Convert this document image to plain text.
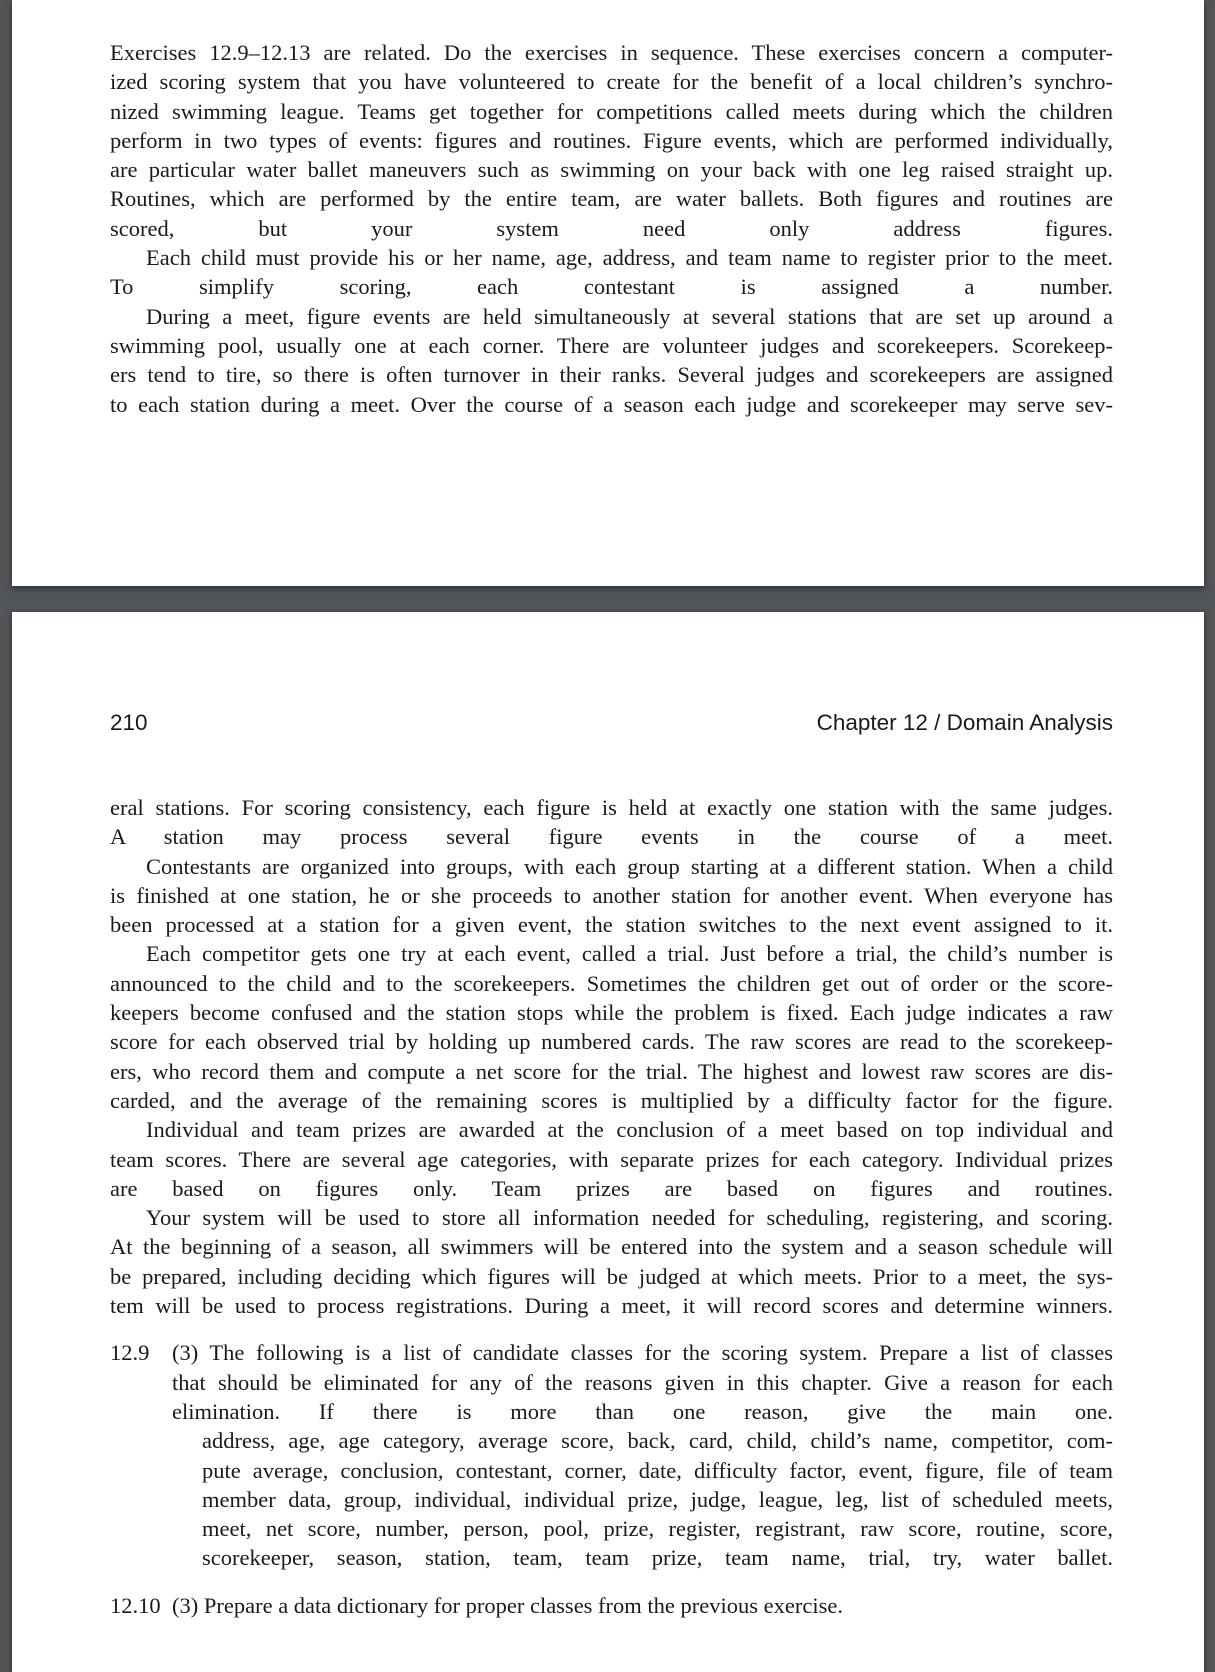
Exercises 12.9–12.13 are related. Do the exercises in sequence. These exercises concern a computer-
ized scoring system that you have volunteered to create for the benefit of a local children’s synchro-
nized swimming league. Teams get together for competitions called meets during which the children
perform in two types of events: figures and routines. Figure events, which are performed individually,
are particular water ballet maneuvers such as swimming on your back with one leg raised straight up.
Routines, which are performed by the entire team, are water ballets. Both figures and routines are
scored, but your system need only address figures.

Each child must provide his or her name, age, address, and team name to register prior to the meet.
To simplify scoring, each contestant is assigned a number.

During a meet, figure events are held simultaneously at several stations that are set up around a
swimming pool, usually one at each corner. There are volunteer judges and scorekeepers. Scorekeep-
ers tend to tire, so there is often turnover in their ranks. Several judges and scorekeepers are assigned
to each station during a meet. Over the course of a season each judge and scorekeeper may serve sev-

210	Chapter 12 / Domain Analysis

eral stations. For scoring consistency, each figure is held at exactly one station with the same judges.
A station may process several figure events in the course of a meet.

Contestants are organized into groups, with each group starting at a different station. When a child
is finished at one station, he or she proceeds to another station for another event. When everyone has
been processed at a station for a given event, the station switches to the next event assigned to it.

Each competitor gets one try at each event, called a trial. Just before a trial, the child’s number is
announced to the child and to the scorekeepers. Sometimes the children get out of order or the score-
keepers become confused and the station stops while the problem is fixed. Each judge indicates a raw
score for each observed trial by holding up numbered cards. The raw scores are read to the scorekeep-
ers, who record them and compute a net score for the trial. The highest and lowest raw scores are dis-
carded, and the average of the remaining scores is multiplied by a difficulty factor for the figure.

Individual and team prizes are awarded at the conclusion of a meet based on top individual and
team scores. There are several age categories, with separate prizes for each category. Individual prizes
are based on figures only. Team prizes are based on figures and routines.

Your system will be used to store all information needed for scheduling, registering, and scoring.
At the beginning of a season, all swimmers will be entered into the system and a season schedule will
be prepared, including deciding which figures will be judged at which meets. Prior to a meet, the sys-
tem will be used to process registrations. During a meet, it will record scores and determine winners.

12.9 (3) The following is a list of candidate classes for the scoring system. Prepare a list of classes
that should be eliminated for any of the reasons given in this chapter. Give a reason for each
elimination. If there is more than one reason, give the main one.

address, age, age category, average score, back, card, child, child’s name, competitor, com-
pute average, conclusion, contestant, corner, date, difficulty factor, event, figure, file of team
member data, group, individual, individual prize, judge, league, leg, list of scheduled meets,
meet, net score, number, person, pool, prize, register, registrant, raw score, routine, score,
scorekeeper, season, station, team, team prize, team name, trial, try, water ballet.

12.10 (3) Prepare a data dictionary for proper classes from the previous exercise.
